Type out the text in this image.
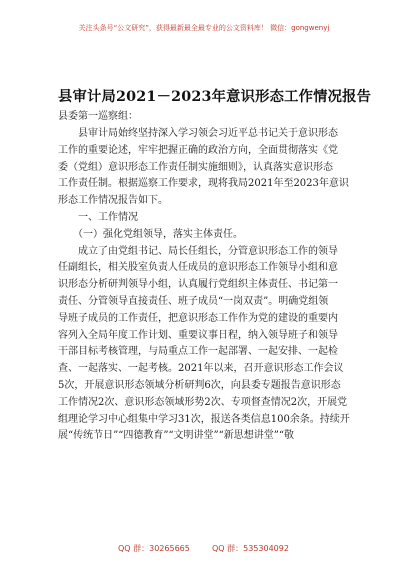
关注头条号“公文研究”，获得最新最全最专业的公文资料库！ 微信：gongwenyj
县审计局2021－2023年意识形态工作情况报告
县委第一巡察组：
　　县审计局始终坚持深入学习领会习近平总书记关于意识形态
工作的重要论述，牢牢把握正确的政治方向，全面贯彻落实《党
委（党组）意识形态工作责任制实施细则》，认真落实意识形态
工作责任制。根据巡察工作要求，现将我局2021年至2023年意识
形态工作情况报告如下。
　　一、工作情况
　　（一）强化党组领导，落实主体责任。
　　成立了由党组书记、局长任组长，分管意识形态工作的领导
任副组长，相关股室负责人任成员的意识形态工作领导小组和意
识形态分析研判领导小组，认真履行党组织主体责任、书记第一
责任、分管领导直接责任、班子成员“一岗双责”。明确党组领
导班子成员的工作责任，把意识形态工作作为党的建设的重要内
容列入全局年度工作计划、重要议事日程，纳入领导班子和领导
干部目标考核管理，与局重点工作一起部署、一起安排、一起检
查、一起落实、一起考核。2021年以来，召开意识形态工作会议
5次，开展意识形态领域分析研判6次，向县委专题报告意识形态
工作情况2次、意识形态领域形势2次、专项督查情况2次，开展党
组理论学习中心组集中学习31次，报送各类信息100余条。持续开
展“传统节日”“四德教育”“文明讲堂”“新思想讲堂”“敬
QQ 群：30265665	QQ 群：535304092
